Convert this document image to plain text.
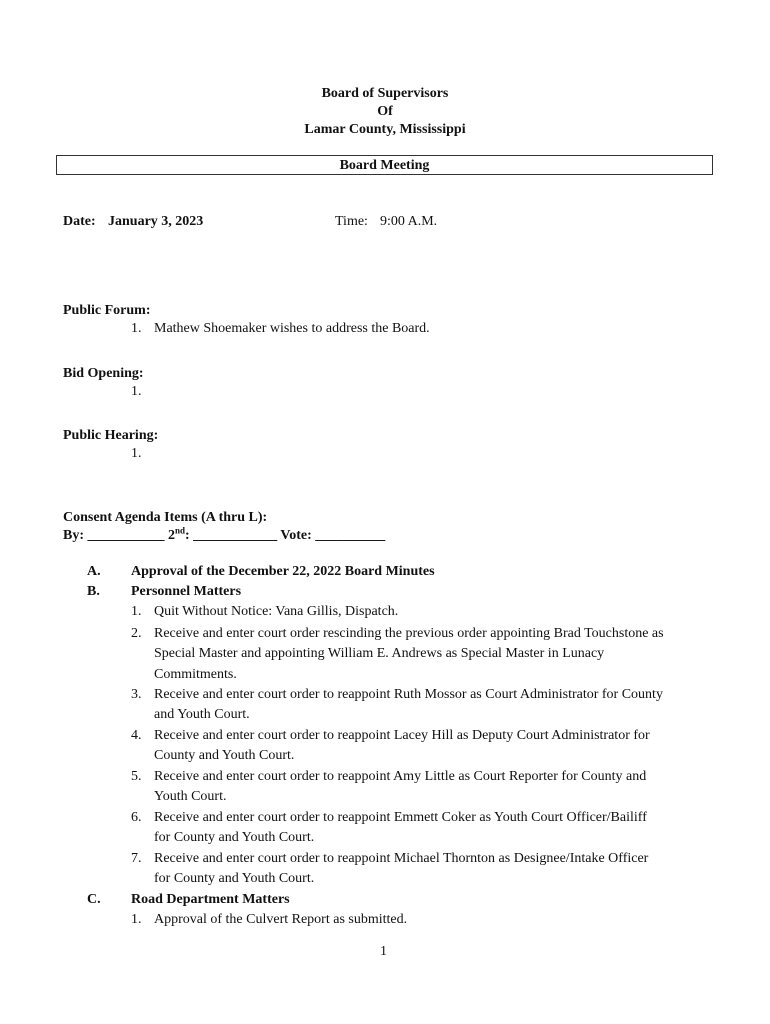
Board of Supervisors
Of
Lamar County, Mississippi
Board Meeting
Date: January 3, 2023	Time: 9:00 A.M.
Public Forum:
1. Mathew Shoemaker wishes to address the Board.
Bid Opening:
1.
Public Hearing:
1.
Consent Agenda Items (A thru L):
By: ___________ 2nd: ____________ Vote: __________
A. Approval of the December 22, 2022 Board Minutes
B. Personnel Matters
1. Quit Without Notice: Vana Gillis, Dispatch.
2. Receive and enter court order rescinding the previous order appointing Brad Touchstone as
Special Master and appointing William E. Andrews as Special Master in Lunacy
Commitments.
3. Receive and enter court order to reappoint Ruth Mossor as Court Administrator for County
and Youth Court.
4. Receive and enter court order to reappoint Lacey Hill as Deputy Court Administrator for
County and Youth Court.
5. Receive and enter court order to reappoint Amy Little as Court Reporter for County and
Youth Court.
6. Receive and enter court order to reappoint Emmett Coker as Youth Court Officer/Bailiff
for County and Youth Court.
7. Receive and enter court order to reappoint Michael Thornton as Designee/Intake Officer
for County and Youth Court.
C. Road Department Matters
1. Approval of the Culvert Report as submitted.
1
